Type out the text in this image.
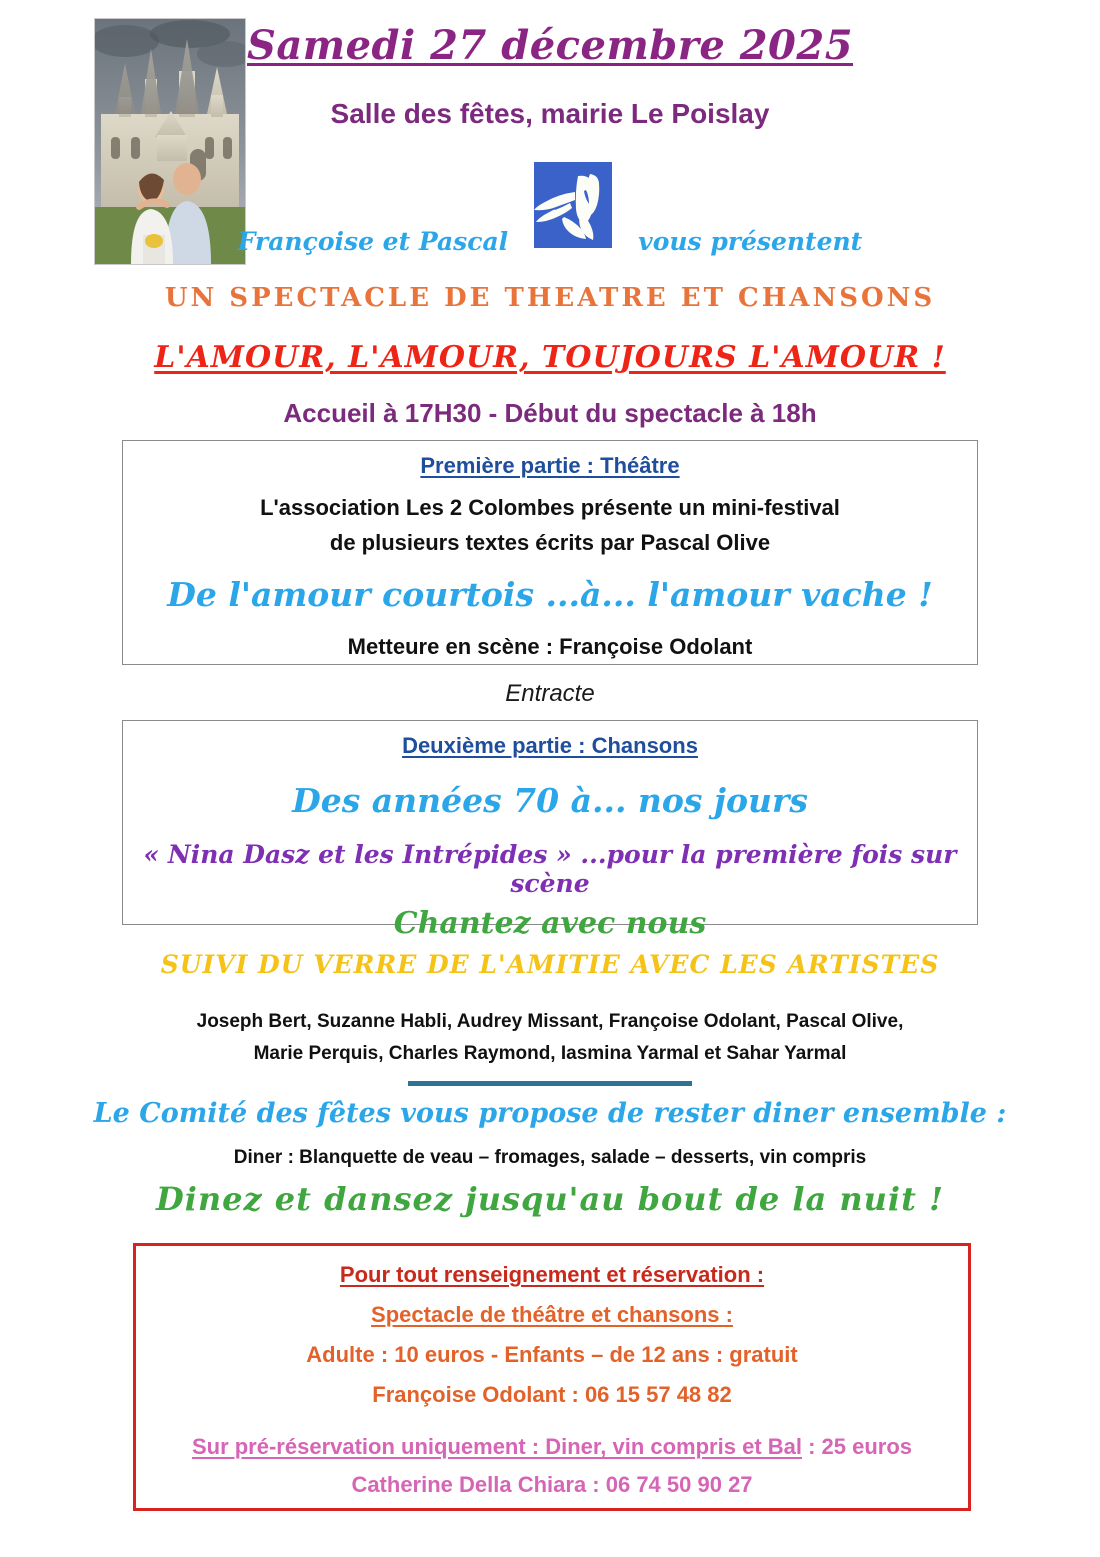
Samedi 27 décembre 2025
Salle des fêtes, mairie Le Poislay
Françoise et Pascal	vous présentent
UN SPECTACLE DE THEATRE ET CHANSONS
L'AMOUR, L'AMOUR, TOUJOURS L'AMOUR !
Accueil à 17H30 - Début du spectacle à 18h
Première partie : Théâtre
L'association Les 2 Colombes présente un mini-festival
de plusieurs textes écrits par Pascal Olive
De l'amour courtois ...à... l'amour vache !
Metteure en scène : Françoise Odolant
Entracte
Deuxième partie : Chansons
Des années 70 à... nos jours
« Nina Dasz et les Intrépides » ...pour la première fois sur scène
Chantez avec nous
SUIVI DU VERRE DE L'AMITIE AVEC LES ARTISTES
Joseph Bert, Suzanne Habli, Audrey Missant, Françoise Odolant, Pascal Olive,
Marie Perquis, Charles Raymond, Iasmina Yarmal et Sahar Yarmal
Le Comité des fêtes vous propose de rester diner ensemble :
Diner : Blanquette de veau – fromages, salade – desserts, vin compris
Dinez et dansez jusqu'au bout de la nuit !
Pour tout renseignement et réservation :
Spectacle de théâtre et chansons :
Adulte : 10 euros - Enfants – de 12 ans : gratuit
Françoise Odolant : 06 15 57 48 82
Sur pré-réservation uniquement : Diner, vin compris et Bal : 25 euros
Catherine Della Chiara : 06 74 50 90 27
